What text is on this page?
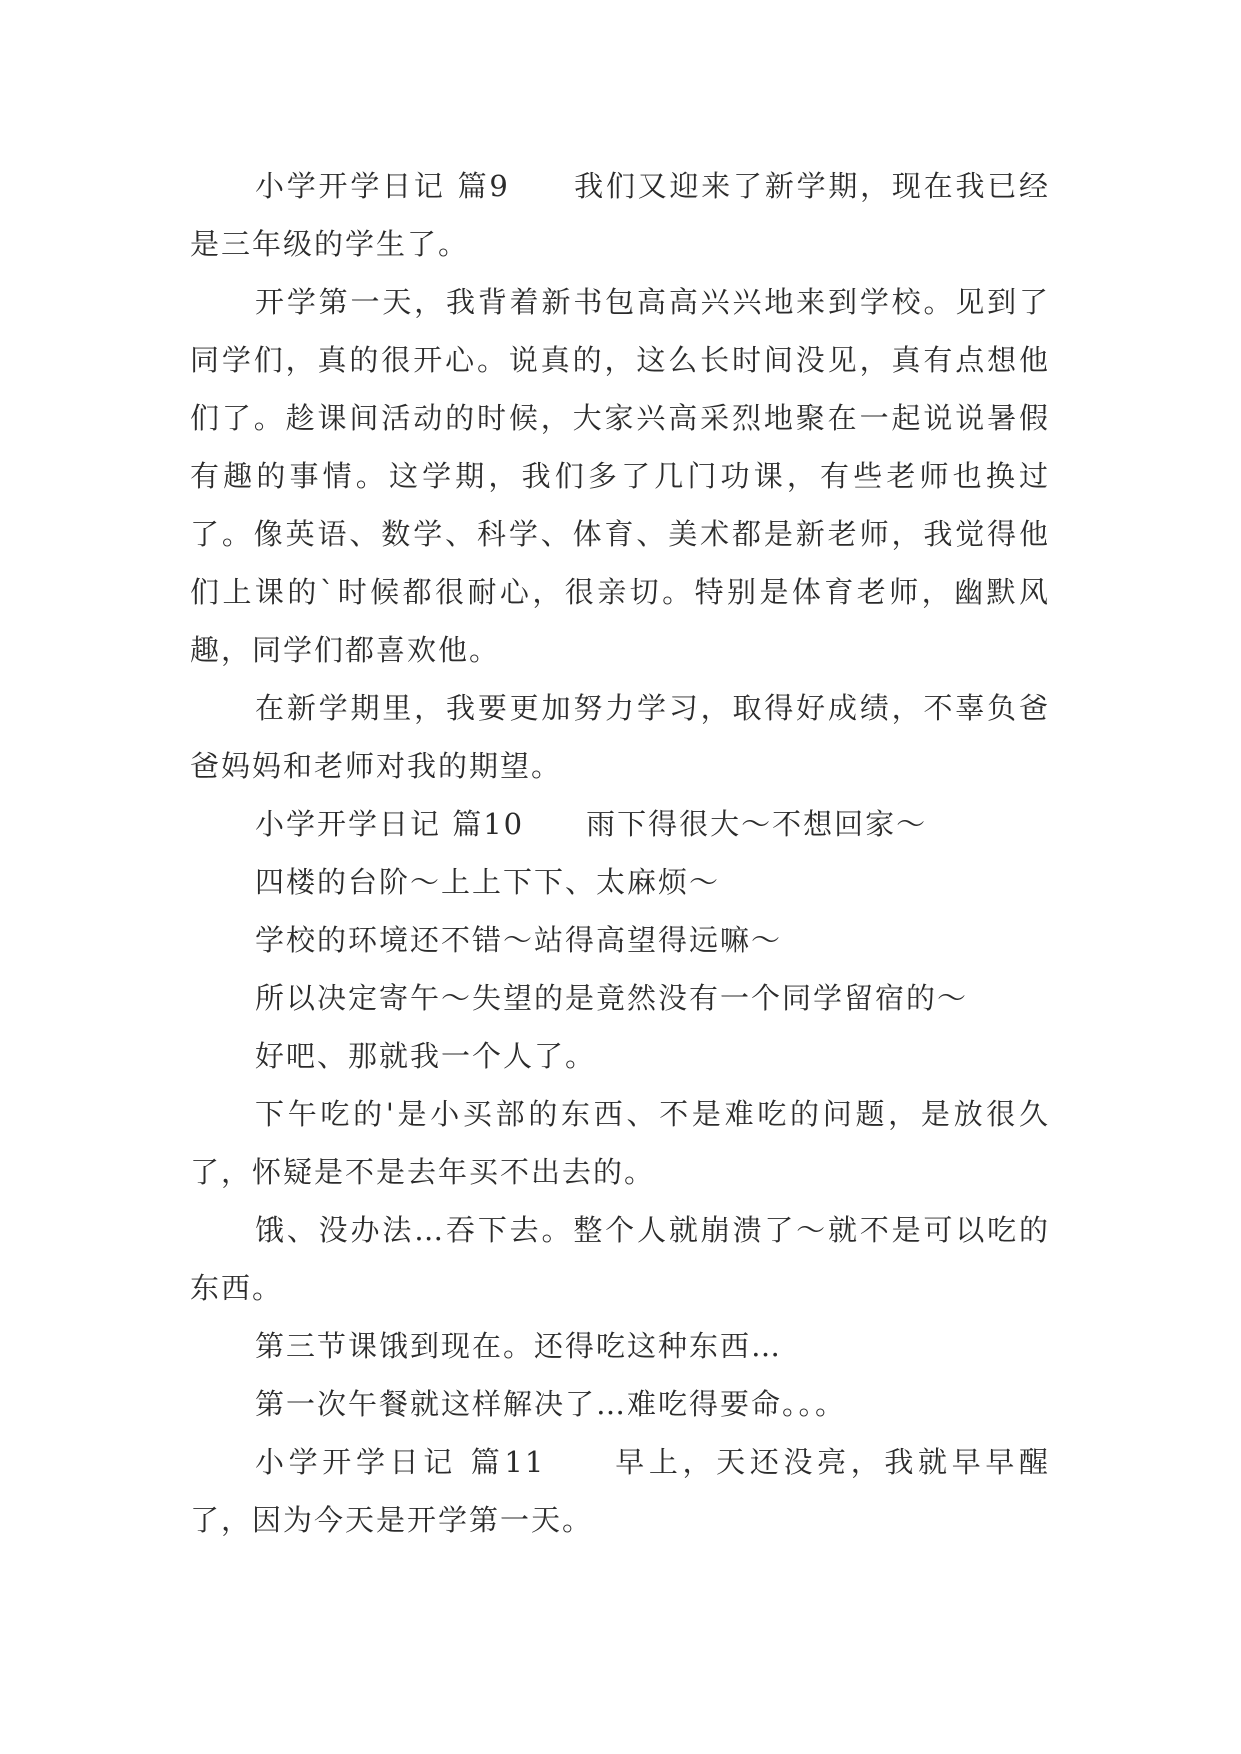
小学开学日记 篇9　　我们又迎来了新学期，现在我已经是三年级的学生了。

开学第一天，我背着新书包高高兴兴地来到学校。见到了同学们，真的很开心。说真的，这么长时间没见，真有点想他们了。趁课间活动的时候，大家兴高采烈地聚在一起说说暑假有趣的事情。这学期，我们多了几门功课，有些老师也换过了。像英语、数学、科学、体育、美术都是新老师，我觉得他们上课的`时候都很耐心，很亲切。特别是体育老师，幽默风趣，同学们都喜欢他。

在新学期里，我要更加努力学习，取得好成绩，不辜负爸爸妈妈和老师对我的期望。

小学开学日记 篇10　　雨下得很大～不想回家～

四楼的台阶～上上下下、太麻烦～

学校的环境还不错～站得高望得远嘛～

所以决定寄午～失望的是竟然没有一个同学留宿的～

好吧、那就我一个人了。

下午吃的'是小买部的东西、不是难吃的问题，是放很久了，怀疑是不是去年买不出去的。

饿、没办法…吞下去。整个人就崩溃了～就不是可以吃的东西。

第三节课饿到现在。还得吃这种东西…

第一次午餐就这样解决了…难吃得要命。。。

小学开学日记 篇11　　早上，天还没亮，我就早早醒了，因为今天是开学第一天。
